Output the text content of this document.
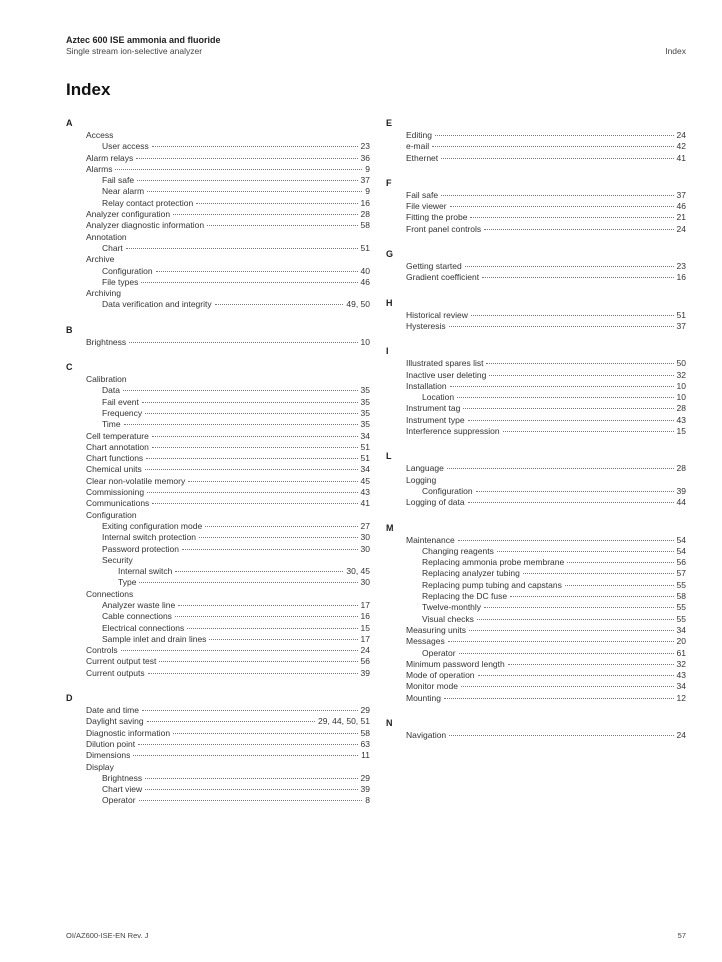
Aztec 600 ISE ammonia and fluoride
Single stream ion-selective analyzer	Index
Index
A
Access
User access	23
Alarm relays	36
Alarms	9
Fail safe	37
Near alarm	9
Relay contact protection	16
Analyzer configuration	28
Analyzer diagnostic information	58
Annotation
Chart	51
Archive
Configuration	40
File types	46
Archiving
Data verification and integrity	49, 50
B
Brightness	10
C
Calibration
Data	35
Fail event	35
Frequency	35
Time	35
Cell temperature	34
Chart annotation	51
Chart functions	51
Chemical units	34
Clear non-volatile memory	45
Commissioning	43
Communications	41
Configuration
Exiting configuration mode	27
Internal switch protection	30
Password protection	30
Security
Internal switch	30, 45
Type	30
Connections
Analyzer waste line	17
Cable connections	16
Electrical connections	15
Sample inlet and drain lines	17
Controls	24
Current output test	56
Current outputs	39
D
Date and time	29
Daylight saving	29, 44, 50, 51
Diagnostic information	58
Dilution point	63
Dimensions	11
Display
Brightness	29
Chart view	39
Operator	8
E
Editing	24
e-mail	42
Ethernet	41
F
Fail safe	37
File viewer	46
Fitting the probe	21
Front panel controls	24
G
Getting started	23
Gradient coefficient	16
H
Historical review	51
Hysteresis	37
I
Illustrated spares list	50
Inactive user deleting	32
Installation	10
Location	10
Instrument tag	28
Instrument type	43
Interference suppression	15
L
Language	28
Logging
Configuration	39
Logging of data	44
M
Maintenance	54
Changing reagents	54
Replacing ammonia probe membrane	56
Replacing analyzer tubing	57
Replacing pump tubing and capstans	55
Replacing the DC fuse	58
Twelve-monthly	55
Visual checks	55
Measuring units	34
Messages	20
Operator	61
Minimum password length	32
Mode of operation	43
Monitor mode	34
Mounting	12
N
Navigation	24
OI/AZ600-ISE-EN Rev. J	57
